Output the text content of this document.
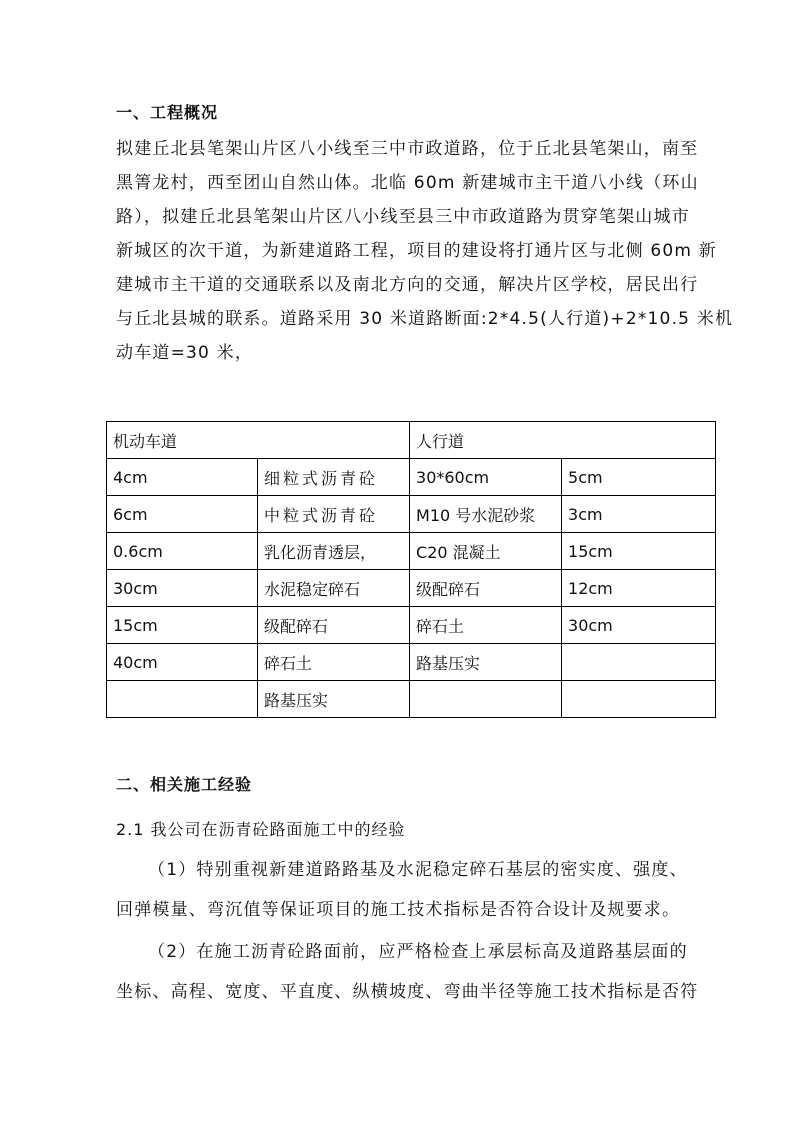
一、工程概况
拟建丘北县笔架山片区八小线至三中市政道路，位于丘北县笔架山，南至
黑箐龙村，西至团山自然山体。北临 60m 新建城市主干道八小线（环山
路），拟建丘北县笔架山片区八小线至县三中市政道路为贯穿笔架山城市
新城区的次干道，为新建道路工程，项目的建设将打通片区与北侧 60m 新
建城市主干道的交通联系以及南北方向的交通，解决片区学校，居民出行
与丘北县城的联系。道路采用 30 米道路断面:2*4.5(人行道)+2*10.5 米机
动车道=30 米，
机动车道		人行道	
4cm	细粒式沥青砼	30*60cm	5cm
6cm	中粒式沥青砼	M10 号水泥砂浆	3cm
0.6cm	乳化沥青透层，	C20 混凝土	15cm
30cm	水泥稳定碎石	级配碎石	12cm
15cm	级配碎石	碎石土	30cm
40cm	碎石土	路基压实	
	路基压实		
二、相关施工经验
2.1 我公司在沥青砼路面施工中的经验
（1）特别重视新建道路路基及水泥稳定碎石基层的密实度、强度、
回弹模量、弯沉值等保证项目的施工技术指标是否符合设计及规要求。
（2）在施工沥青砼路面前，应严格检查上承层标高及道路基层面的
坐标、高程、宽度、平直度、纵横坡度、弯曲半径等施工技术指标是否符
